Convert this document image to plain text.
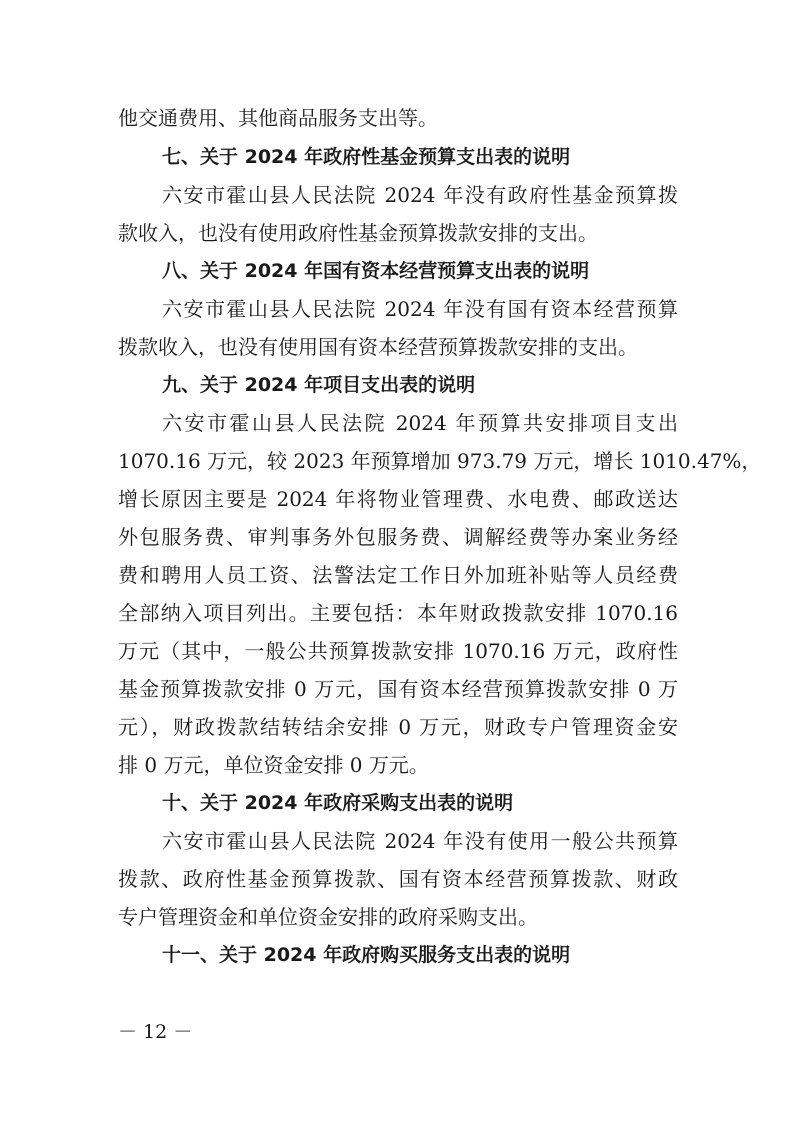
他交通费用、其他商品服务支出等。
七、关于 2024 年政府性基金预算支出表的说明
六安市霍山县人民法院 2024 年没有政府性基金预算拨
款收入，也没有使用政府性基金预算拨款安排的支出。
八、关于 2024 年国有资本经营预算支出表的说明
六安市霍山县人民法院 2024 年没有国有资本经营预算
拨款收入，也没有使用国有资本经营预算拨款安排的支出。
九、关于 2024 年项目支出表的说明
六安市霍山县人民法院 2024 年预算共安排项目支出
1070.16 万元，较 2023 年预算增加 973.79 万元，增长 1010.47%，
增长原因主要是 2024 年将物业管理费、水电费、邮政送达
外包服务费、审判事务外包服务费、调解经费等办案业务经
费和聘用人员工资、法警法定工作日外加班补贴等人员经费
全部纳入项目列出。主要包括：本年财政拨款安排 1070.16
万元（其中，一般公共预算拨款安排 1070.16 万元，政府性
基金预算拨款安排 0 万元，国有资本经营预算拨款安排 0 万
元），财政拨款结转结余安排 0 万元，财政专户管理资金安
排 0 万元，单位资金安排 0 万元。
十、关于 2024 年政府采购支出表的说明
六安市霍山县人民法院 2024 年没有使用一般公共预算
拨款、政府性基金预算拨款、国有资本经营预算拨款、财政
专户管理资金和单位资金安排的政府采购支出。
十一、关于 2024 年政府购买服务支出表的说明
－ 12 －
